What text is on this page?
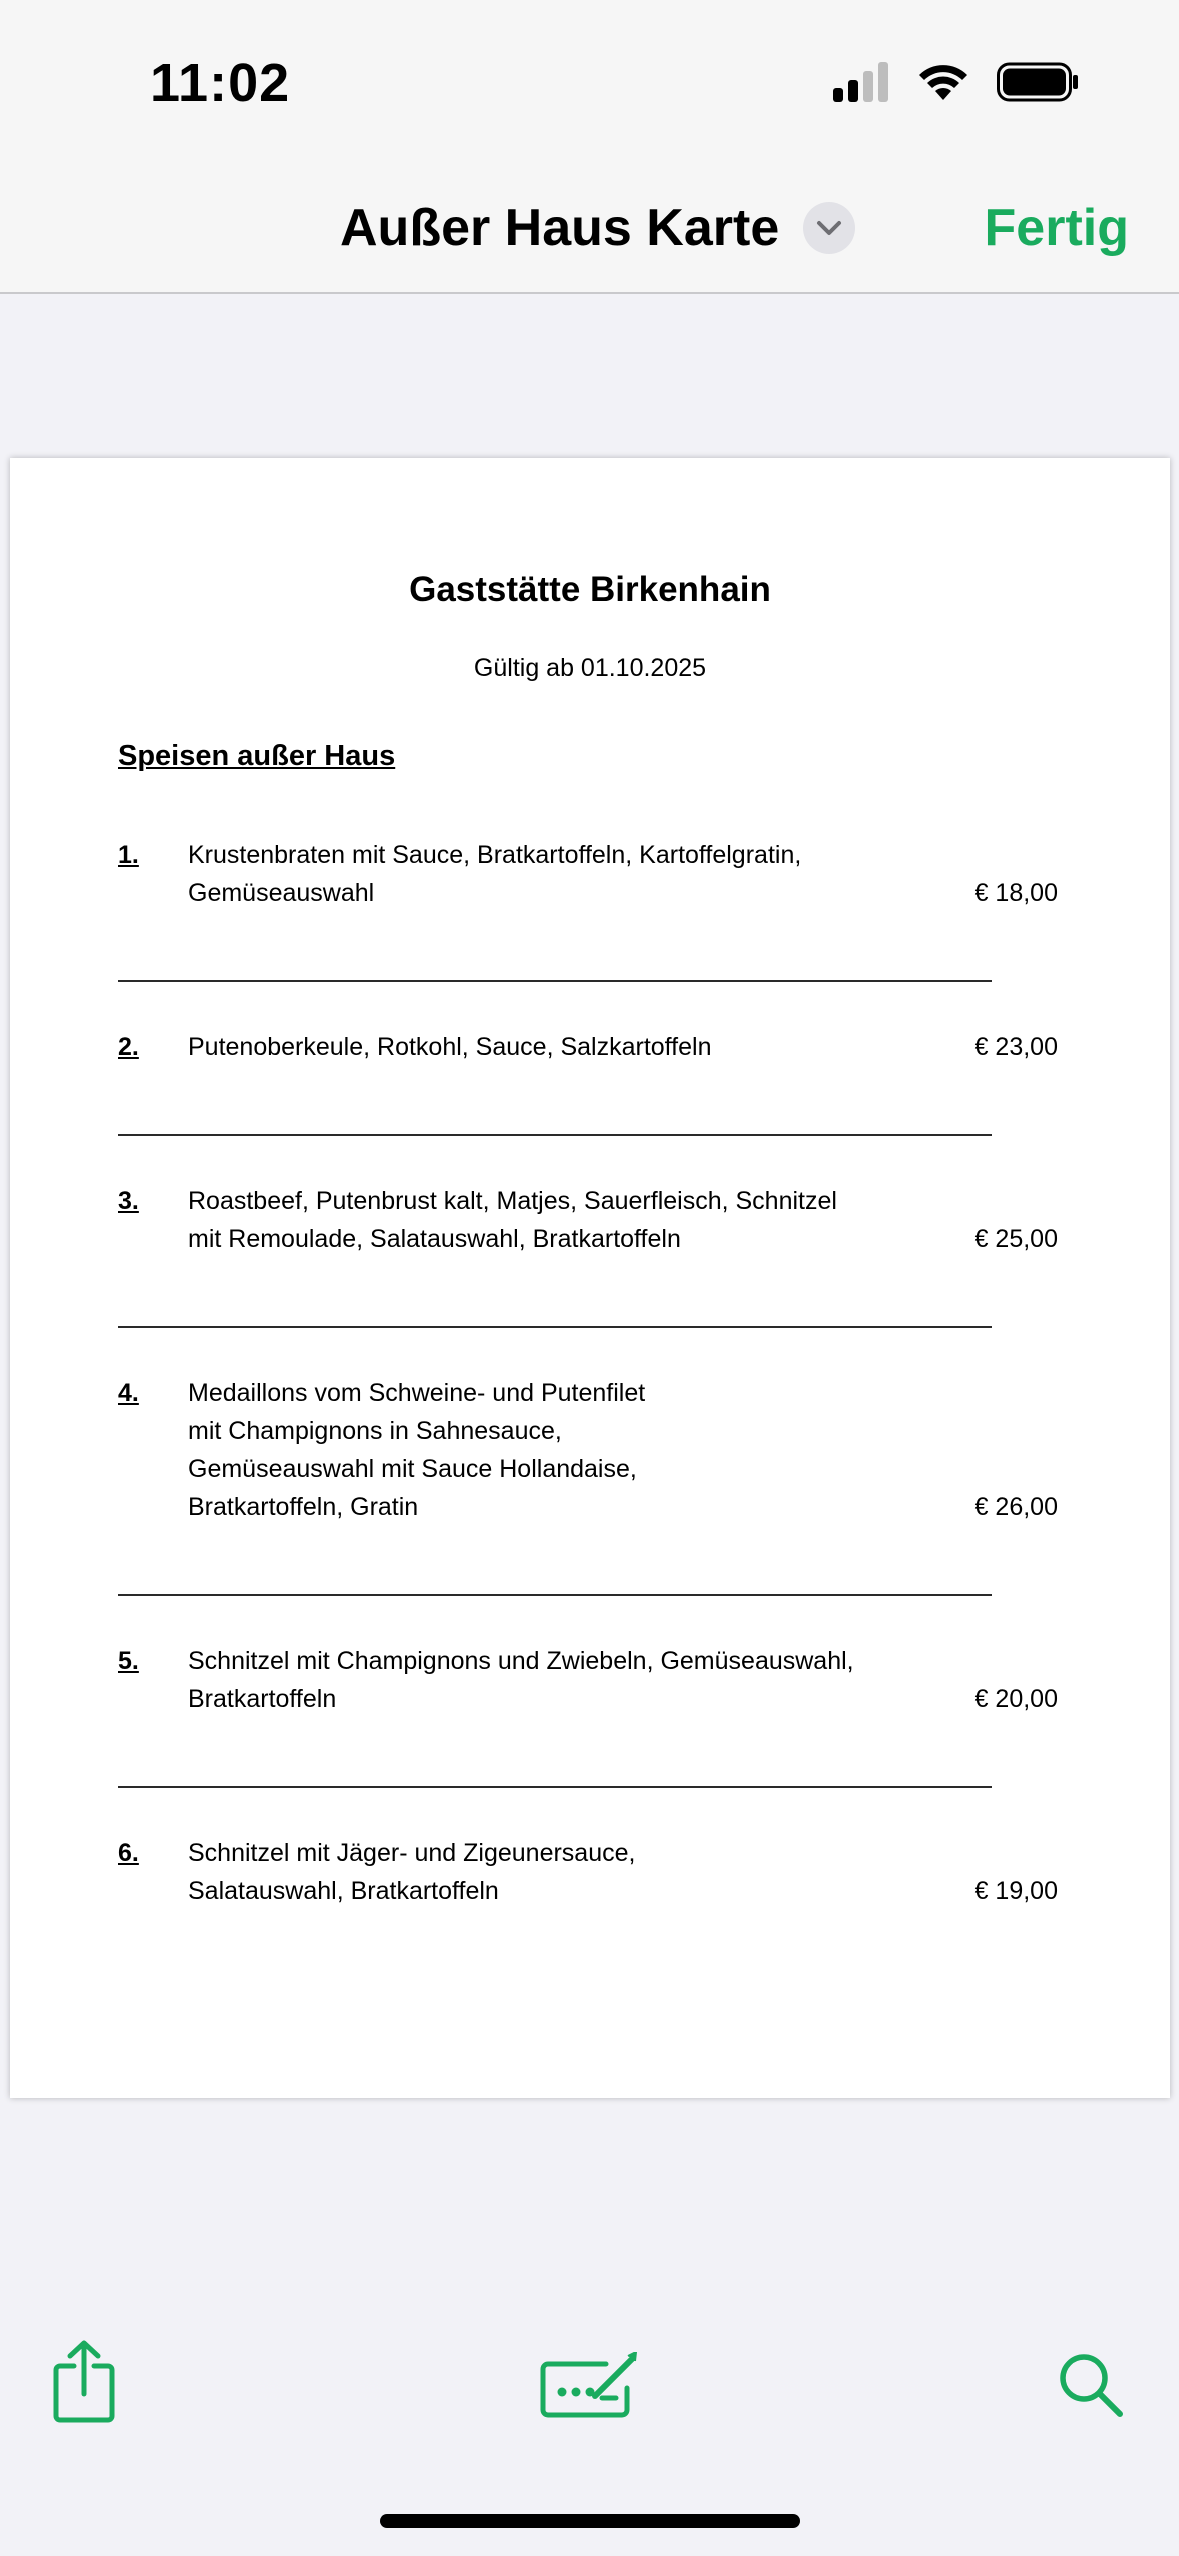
11:02
Außer Haus Karte	Fertig
Gaststätte Birkenhain
Gültig ab 01.10.2025
Speisen außer Haus
1. Krustenbraten mit Sauce, Bratkartoffeln, Kartoffelgratin,
Gemüseauswahl	€ 18,00
2. Putenoberkeule, Rotkohl, Sauce, Salzkartoffeln	€ 23,00
3. Roastbeef, Putenbrust kalt, Matjes, Sauerfleisch, Schnitzel
mit Remoulade, Salatauswahl, Bratkartoffeln	€ 25,00
4. Medaillons vom Schweine- und Putenfilet
mit Champignons in Sahnesauce,
Gemüseauswahl mit Sauce Hollandaise,
Bratkartoffeln, Gratin	€ 26,00
5. Schnitzel mit Champignons und Zwiebeln, Gemüseauswahl,
Bratkartoffeln	€ 20,00
6. Schnitzel mit Jäger- und Zigeunersauce,
Salatauswahl, Bratkartoffeln	€ 19,00
